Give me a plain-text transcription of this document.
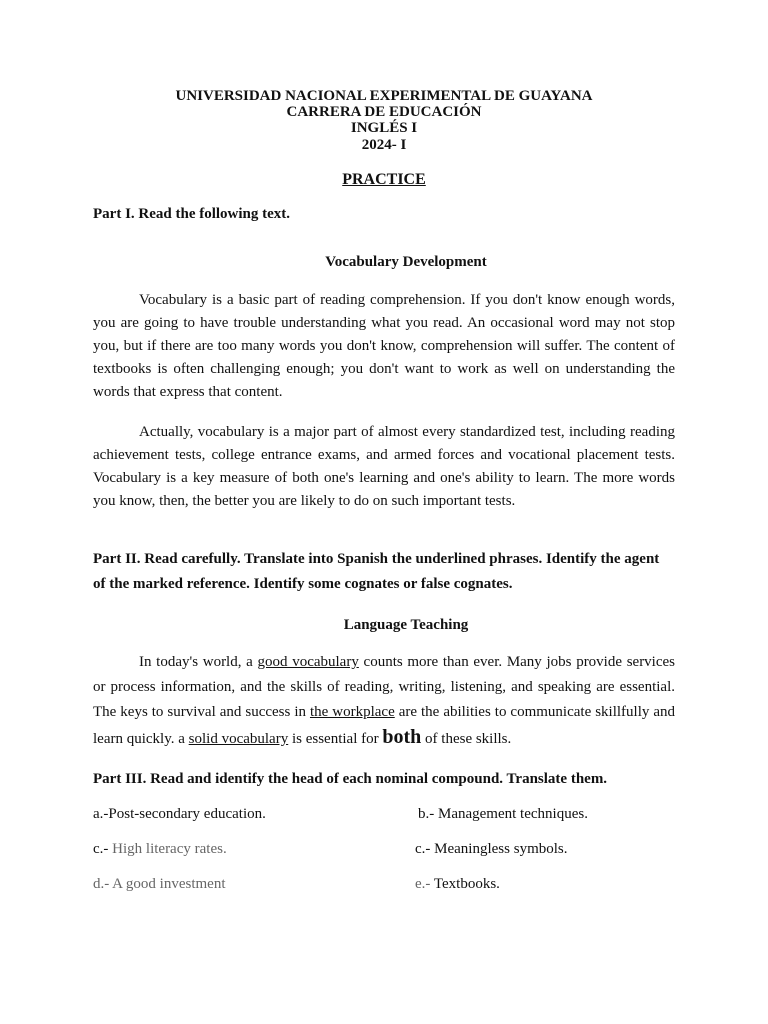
UNIVERSIDAD NACIONAL EXPERIMENTAL DE GUAYANA
CARRERA DE EDUCACIÓN
INGLÉS I
2024- I
PRACTICE
Part I. Read the following text.
Vocabulary Development
Vocabulary is a basic part of reading comprehension. If you don't know enough words, you are going to have trouble understanding what you read. An occasional word may not stop you, but if there are too many words you don't know, comprehension will suffer. The content of textbooks is often challenging enough; you don't want to work as well on understanding the words that express that content.
Actually, vocabulary is a major part of almost every standardized test, including reading achievement tests, college entrance exams, and armed forces and vocational placement tests. Vocabulary is a key measure of both one's learning and one's ability to learn. The more words you know, then, the better you are likely to do on such important tests.
Part II. Read carefully. Translate into Spanish the underlined phrases. Identify the agent
of the marked reference. Identify some cognates or false cognates.
Language Teaching
In today's world, a good vocabulary counts more than ever. Many jobs provide services or process information, and the skills of reading, writing, listening, and speaking are essential. The keys to survival and success in the workplace are the abilities to communicate skillfully and learn quickly. a solid vocabulary is essential for both of these skills.
Part III. Read and identify the head of each nominal compound. Translate them.
a.-Post-secondary education.	b.- Management techniques.
c.- High literacy rates.	c.- Meaningless symbols.
d.- A good investment	e.- Textbooks.
